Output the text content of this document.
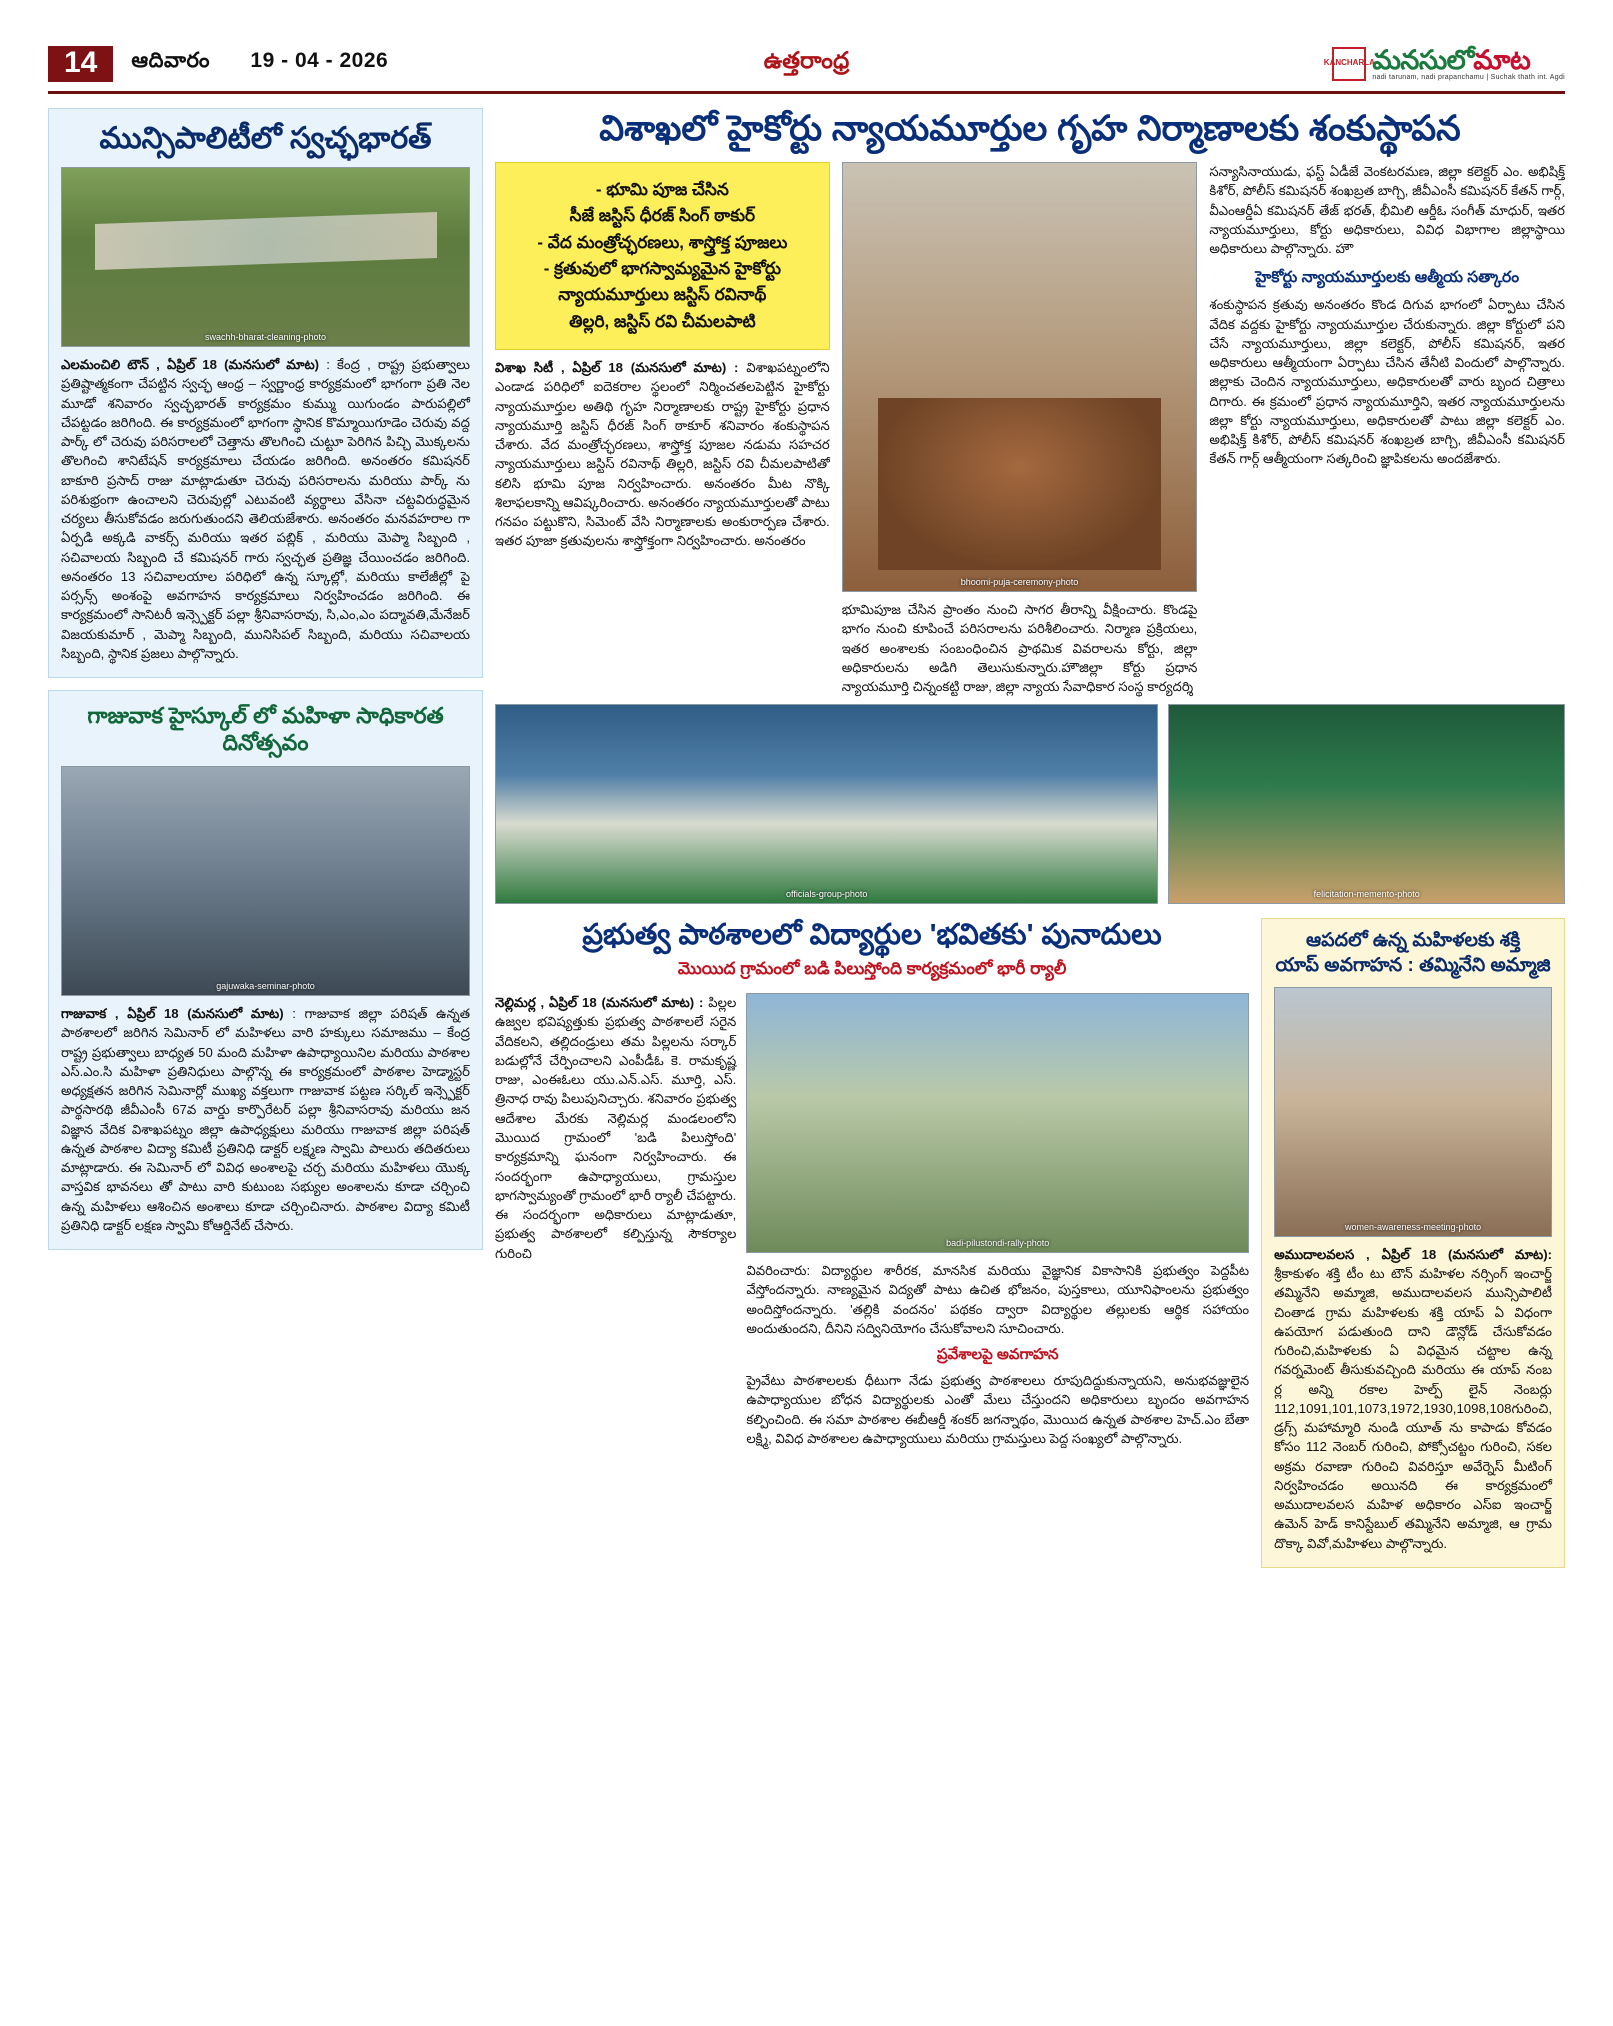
14	ఆదివారం 19 - 04 - 2026	ఉత్తరాంధ్ర	KANCHARLA
మనసులోమాట
nadi tarunam, nadi prapanchamu | Suchak thath int. Agdi
మున్సిపాలిటీలో స్వచ్ఛభారత్
swachh-bharat-cleaning-photo
ఎలమంచిలి టౌన్ , ఏప్రిల్ 18 (మనసులో మాట) : కేంద్ర , రాష్ట్ర ప్రభుత్వాలు ప్రతిష్టాత్మకంగా చేపట్టిన స్వచ్ఛ ఆంధ్ర – స్వర్ణాంధ్ర కార్యక్రమంలో భాగంగా ప్రతి నెల మూడో శనివారం స్వచ్ఛభారత్ కార్యక్రమం కుమ్ము యిగుండం పారుపల్లిలో చేపట్టడం జరిగింది. ఈ కార్యక్రమంలో భాగంగా స్థానిక కొమ్మాయిగూడెం చెరువు వద్ద పార్క్ లో చెరువు పరిసరాలలో చెత్తాను తొలగించి చుట్టూ పెరిగిన పిచ్చి మొక్కలను తొలగించి శానిటేషన్ కార్యక్రమాలు చేయడం జరిగింది. అనంతరం కమిషనర్ బాకూరి ప్రసాద్ రాజు మాట్లాడుతూ చెరువు పరిసరాలను మరియు పార్క్ ను పరిశుభ్రంగా ఉంచాలని చెరువుల్లో ఎటువంటి వ్యర్థాలు వేసినా చట్టవిరుద్ధమైన చర్యలు తీసుకోవడం జరుగుతుందని తెలియజేశారు. అనంతరం మనవహరాల గా ఏర్పడి అక్కడి వాకర్స్ మరియు ఇతర పబ్లిక్ , మరియు మెప్మా సిబ్బంది , సచివాలయ సిబ్బంది చే కమిషనర్ గారు స్వచ్ఛత ప్రతిజ్ఞ చేయించడం జరిగింది. అనంతరం 13 సచివాలయాల పరిధిలో ఉన్న స్కూల్లో, మరియు కాలేజీల్లో పై పర్సన్స్ అంశంపై అవగాహన కార్యక్రమాలు నిర్వహించడం జరిగింది. ఈ కార్యక్రమంలో సానిటరీ ఇన్స్పెక్టర్ పల్లా శ్రీనివాసరావు, సి,ఎం,ఎం పద్మావతి,మేనేజర్ విజయకుమార్ , మెప్మా సిబ్బంది, మునిసిపల్ సిబ్బంది, మరియు సచివాలయ సిబ్బంది, స్థానిక ప్రజలు పాల్గొన్నారు.
గాజువాక హైస్కూల్ లో మహిళా సాధికారత దినోత్సవం
gajuwaka-seminar-photo
గాజువాక , ఏప్రిల్ 18 (మనసులో మాట) : గాజువాక జిల్లా పరిషత్ ఉన్నత పాఠశాలలో జరిగిన సెమినార్ లో మహిళలు వారి హక్కులు సమాజము – కేంద్ర రాష్ట్ర ప్రభుత్వాలు బాధ్యత 50 మంది మహిళా ఉపాధ్యాయినిల మరియు పాఠశాల ఎస్.ఎం.సి మహిళా ప్రతినిధులు పాల్గొన్న ఈ కార్యక్రమంలో పాఠశాల హెడ్మాస్టర్ అధ్యక్షతన జరిగిన సెమినార్లో ముఖ్య వక్తలుగా గాజువాక పట్టణ సర్కిల్ ఇన్స్పెక్టర్ పార్థసారథి జీవీఎంసీ 67వ వార్డు కార్పొరేటర్ పల్లా శ్రీనివాసరావు మరియు జన విజ్ఞాన వేదిక విశాఖపట్నం జిల్లా ఉపాధ్యక్షులు మరియు గాజువాక జిల్లా పరిషత్ ఉన్నత పాఠశాల విద్యా కమిటీ ప్రతినిధి డాక్టర్ లక్ష్మణ స్వామి పాలురు తదితరులు మాట్లాడారు. ఈ సెమినార్ లో వివిధ అంశాలపై చర్చ మరియు మహిళలు యొక్క వాస్తవిక భావనలు తో పాటు వారి కుటుంబ సభ్యుల అంశాలను కూడా చర్చించి ఉన్న మహిళలు ఆశించిన అంశాలు కూడా చర్చించినారు. పాఠశాల విద్యా కమిటీ ప్రతినిధి డాక్టర్ లక్షణ స్వామి కోఆర్డినేట్ చేసారు.
విశాఖలో హైకోర్టు న్యాయమూర్తుల గృహ నిర్మాణాలకు శంకుస్థాపన
- భూమి పూజ చేసిన
సీజే జస్టిస్ ధీరజ్ సింగ్ ఠాకుర్
- వేద మంత్రోచ్ఛరణలు, శాస్త్రోక్త పూజలు
- క్రతువులో భాగస్వామ్యమైన హైకోర్టు
న్యాయమూర్తులు జస్టిస్ రవినాథ్
తిల్లరి, జస్టిస్ రవి చీమలపాటి
విశాఖ సిటీ , ఏప్రిల్ 18 (మనసులో మాట) : విశాఖపట్నంలోని ఎండాడ పరిధిలో ఐదెకరాల స్థలంలో నిర్మించతలపెట్టిన హైకోర్టు న్యాయమూర్తుల అతిథి గృహ నిర్మాణాలకు రాష్ట్ర హైకోర్టు ప్రధాన న్యాయమూర్తి జస్టిస్ ధీరజ్ సింగ్ ఠాకూర్ శనివారం శంకుస్థాపన చేశారు. వేద మంత్రోచ్ఛరణలు, శాస్త్రోక్త పూజల నడుమ సహచర న్యాయమూర్తులు జస్టిస్ రవినాథ్ తిల్లరి, జస్టిస్ రవి చీమలపాటితో కలిసి భూమి పూజ నిర్వహించారు. అనంతరం మీట నొక్కి శిలాఫలకాన్ని ఆవిష్కరించారు. అనంతరం న్యాయమూర్తులతో పాటు గనపం పట్టుకొని, సిమెంట్ వేసి నిర్మాణాలకు అంకురార్పణ చేశారు. ఇతర పూజా క్రతువులను శాస్త్రోక్తంగా నిర్వహించారు. అనంతరం
bhoomi-puja-ceremony-photo
భూమిపూజ చేసిన ప్రాంతం నుంచి సాగర తీరాన్ని వీక్షించారు. కొండపై భాగం నుంచి కూపించే పరిసరాలను పరిశీలించారు. నిర్మాణ ప్రక్రియలు, ఇతర అంశాలకు సంబంధించిన ప్రాథమిక వివరాలను కోర్టు, జిల్లా అధికారులను అడిగి తెలుసుకున్నారు.హౌజిల్లా కోర్టు ప్రధాన న్యాయమూర్తి చిన్నంకట్టి రాజు, జిల్లా న్యాయ సేవాధికార సంస్థ కార్యదర్శి
సన్యాసినాయుడు, ఫస్ట్ ఏడీజే వెంకటరమణ, జిల్లా కలెక్టర్ ఎం. అభిషిక్త్ కిశోర్, పోలీస్ కమిషనర్ శంఖబ్రత బాగ్చి, జీవీఎంసీ కమిషనర్ కేతన్ గార్గ్, వీఎంఆర్డీఏ కమిషనర్ తేజ్ భరత్, భీమిలి ఆర్డీఓ సంగీత్ మాధుర్, ఇతర న్యాయమూర్తులు, కోర్టు అధికారులు, వివిధ విభాగాల జిల్లాస్థాయి అధికారులు పాల్గొన్నారు. హౌ
హైకోర్టు న్యాయమూర్తులకు ఆత్మీయ సత్కారం
శంకుస్థాపన క్రతువు అనంతరం కొండ దిగువ భాగంలో ఏర్పాటు చేసిన వేదిక వద్దకు హైకోర్టు న్యాయమూర్తుల చేరుకున్నారు. జిల్లా కోర్టులో పని చేసే న్యాయమూర్తులు, జిల్లా కలెక్టర్, పోలీస్ కమిషనర్, ఇతర అధికారులు ఆత్మీయంగా ఏర్పాటు చేసిన తేనీటి విందులో పాల్గొన్నారు. జిల్లాకు చెందిన న్యాయమూర్తులు, అధికారులతో వారు బృంద చిత్రాలు దిగారు. ఈ క్రమంలో ప్రధాన న్యాయమూర్తిని, ఇతర న్యాయమూర్తులను జిల్లా కోర్టు న్యాయమూర్తులు, అధికారులతో పాటు జిల్లా కలెక్టర్ ఎం. అభిషిక్త్ కిశోర్, పోలీస్ కమిషనర్ శంఖబ్రత బాగ్చి, జీవీఎంసీ కమిషనర్ కేతన్ గార్గ్ ఆత్మీయంగా సత్కరించి జ్ఞాపికలను అందజేశారు.
officials-group-photo	felicitation-memento-photo
ప్రభుత్వ పాఠశాలలో విద్యార్థుల 'భవితకు' పునాదులు
మొయిద గ్రామంలో బడి పిలుస్తోంది కార్యక్రమంలో భారీ ర్యాలీ
నెల్లిమర్ల , ఏప్రిల్ 18 (మనసులో మాట) : పిల్లల ఉజ్వల భవిష్యత్తుకు ప్రభుత్వ పాఠశాలలే సరైన వేదికలని, తల్లిదండ్రులు తమ పిల్లలను సర్కార్ బడుల్లోనే చేర్పించాలని ఎంపీడీఓ కె. రామకృష్ణ రాజు, ఎంఈఓలు యు.ఎన్.ఎస్. మూర్తి, ఎస్. త్రినాధ రావు పిలుపునిచ్చారు. శనివారం ప్రభుత్వ ఆదేశాల మేరకు నెల్లిమర్ల మండలంలోని మొయిద గ్రామంలో 'బడి పిలుస్తోంది' కార్యక్రమాన్ని ఘనంగా నిర్వహించారు. ఈ సందర్భంగా ఉపాధ్యాయులు, గ్రామస్తుల భాగస్వామ్యంతో గ్రామంలో భారీ ర్యాలీ చేపట్టారు. ఈ సందర్భంగా అధికారులు మాట్లాడుతూ, ప్రభుత్వ పాఠశాలలో కల్పిస్తున్న సౌకర్యాల గురించి
badi-pilustondi-rally-photo
వివరించారు: విద్యార్థుల శారీరక, మానసిక మరియు వైజ్ఞానిక వికాసానికి ప్రభుత్వం పెద్దపీట వేస్తోందన్నారు. నాణ్యమైన విద్యతో పాటు ఉచిత భోజనం, పుస్తకాలు, యూనిఫాంలను ప్రభుత్వం అందిస్తోందన్నారు. 'తల్లికి వందనం' పథకం ద్వారా విద్యార్థుల తల్లులకు ఆర్థిక సహాయం అందుతుందని, దీనిని సద్వినియోగం చేసుకోవాలని సూచించారు.
ప్రవేశాలపై అవగాహన
ప్రైవేటు పాఠశాలలకు ధీటుగా నేడు ప్రభుత్వ పాఠశాలలు రూపుదిద్దుకున్నాయని, అనుభవజ్ఞులైన ఉపాధ్యాయుల బోధన విద్యార్థులకు ఎంతో మేలు చేస్తుందని అధికారులు బృందం అవగాహన కల్పించింది. ఈ సమా పాఠశాల ఈబీఆర్డీ శంకర్ జగన్నాథం, మొయిద ఉన్నత పాఠశాల హెచ్.ఎం బేతా లక్ష్మి, వివిధ పాఠశాలల ఉపాధ్యాయులు మరియు గ్రామస్తులు పెద్ద సంఖ్యలో పాల్గొన్నారు.
ఆపదలో ఉన్న మహిళలకు శక్తి
యాప్ అవగాహన : తమ్మినేని అమ్మాజి
women-awareness-meeting-photo
అముదాలవలస , ఏప్రిల్ 18 (మనసులో మాట): శ్రీకాకుళం శక్తి టీం టు టౌన్ మహిళల నర్సింగ్ ఇంచార్జ్ తమ్మినేని అమ్మాజి, అముదాలవలస మున్సిపాలిటీ చింతాడ గ్రామ మహిళలకు శక్తి యాప్ ఏ విధంగా ఉపయోగ పడుతుంది దాని డౌన్లోడ్ చేసుకోవడం గురించి,మహిళలకు ఏ విధమైన చట్టాల ఉన్న గవర్నమెంట్ తీసుకువచ్చింది మరియు ఈ యాప్ నంబ ర్ల అన్ని రకాల హెల్ప్ లైన్ నెంబర్లు 112,1091,101,1073,1972,1930,1098,108గురించి, డ్రగ్స్ మహామ్మారి నుండి యూత్ ను కాపాడు కోవడం కోసం 112 నెంబర్ గురించి, పోక్సోచట్టం గురించి, సకల అక్రమ రవాణా గురించి వివరిస్తూ అవేర్నెస్ మీటింగ్ నిర్వహించడం అయినది ఈ కార్యక్రమంలో అముదాలవలస మహిళ అధికారం ఎస్ఐ ఇంచార్జ్ ఉమెన్ హెడ్ కానిస్టేబుల్ తమ్మినేని అమ్మాజి, ఆ గ్రామ దొక్కా వివో,మహిళలు పాల్గొన్నారు.
